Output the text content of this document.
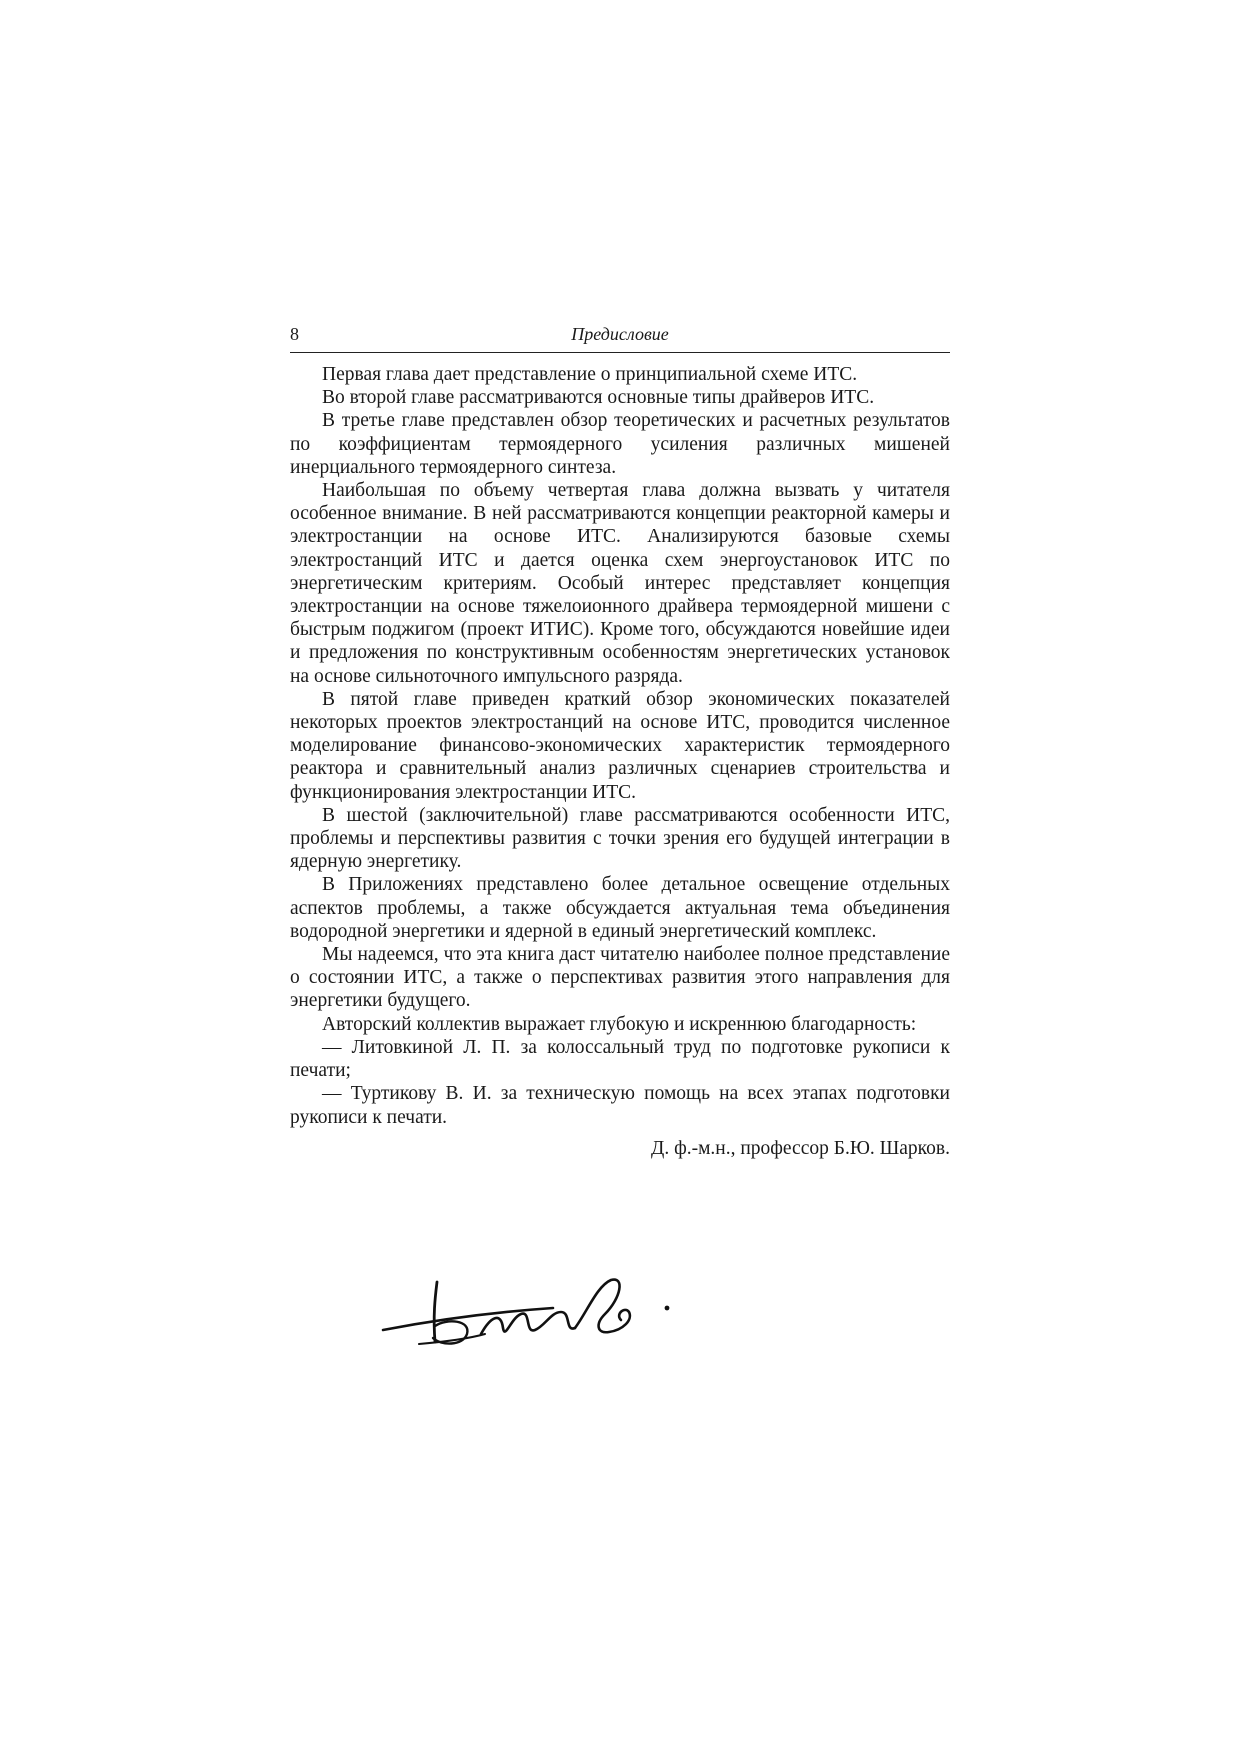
8	Предисловие

Первая глава дает представление о принципиальной схеме ИТС.

Во второй главе рассматриваются основные типы драйверов ИТС.

В третье главе представлен обзор теоретических и расчетных результатов по коэффициентам термоядерного усиления различных мишеней инерциального термоядерного синтеза.

Наибольшая по объему четвертая глава должна вызвать у читателя особенное внимание. В ней рассматриваются концепции реакторной камеры и электростанции на основе ИТС. Анализируются базовые схемы электростанций ИТС и дается оценка схем энергоустановок ИТС по энергетическим критериям. Особый интерес представляет концепция электростанции на основе тяжелоионного драйвера термоядерной мишени с быстрым поджигом (проект ИТИС). Кроме того, обсуждаются новейшие идеи и предложения по конструктивным особенностям энергетических установок на основе сильноточного импульсного разряда.

В пятой главе приведен краткий обзор экономических показателей некоторых проектов электростанций на основе ИТС, проводится численное моделирование финансово-экономических характеристик термоядерного реактора и сравнительный анализ различных сценариев строительства и функционирования электростанции ИТС.

В шестой (заключительной) главе рассматриваются особенности ИТС, проблемы и перспективы развития с точки зрения его будущей интеграции в ядерную энергетику.

В Приложениях представлено более детальное освещение отдельных аспектов проблемы, а также обсуждается актуальная тема объединения водородной энергетики и ядерной в единый энергетический комплекс.

Мы надеемся, что эта книга даст читателю наиболее полное представление о состоянии ИТС, а также о перспективах развития этого направления для энергетики будущего.

Авторский коллектив выражает глубокую и искреннюю благодарность:

— Литовкиной Л. П. за колоссальный труд по подготовке рукописи к печати;

— Туртикову В. И. за техническую помощь на всех этапах подготовки рукописи к печати.

Д. ф.-м.н., профессор Б.Ю. Шарков.
